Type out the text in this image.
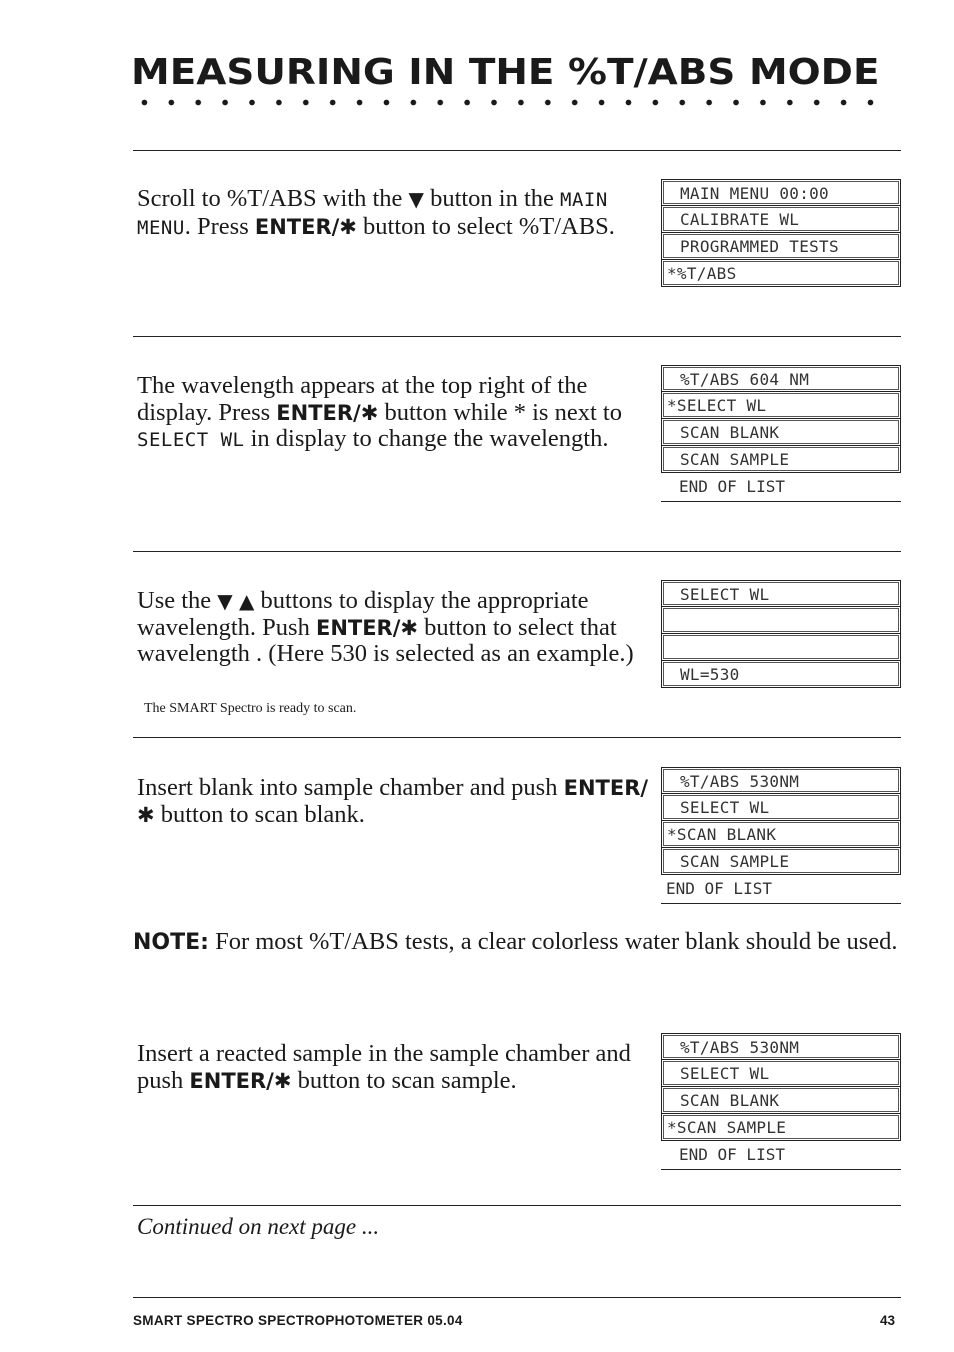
MEASURING IN THE %T/ABS MODE
Scroll to %T/ABS with the ▼ button in the MAIN MENU. Press ENTER/✱ button to select %T/ABS.
MAIN MENU 00:00
CALIBRATE WL
PROGRAMMED TESTS
*%T/ABS
The wavelength appears at the top right of the display. Press ENTER/✱ button while * is next to SELECT WL in display to change the wavelength.
%T/ABS 604 NM
*SELECT WL
SCAN BLANK
SCAN SAMPLE
END OF LIST
Use the ▼ ▲ buttons to display the appropriate wavelength. Push ENTER/✱ button to select that wavelength . (Here 530 is selected as an example.)
The SMART Spectro is ready to scan.
SELECT WL
WL=530
Insert blank into sample chamber and push ENTER/✱ button to scan blank.
%T/ABS 530NM
SELECT WL
*SCAN BLANK
SCAN SAMPLE
END OF LIST
NOTE: For most %T/ABS tests, a clear colorless water blank should be used.
Insert a reacted sample in the sample chamber and push ENTER/✱ button to scan sample.
%T/ABS 530NM
SELECT WL
SCAN BLANK
*SCAN SAMPLE
END OF LIST
Continued on next page ...
SMART SPECTRO SPECTROPHOTOMETER 05.04	43
